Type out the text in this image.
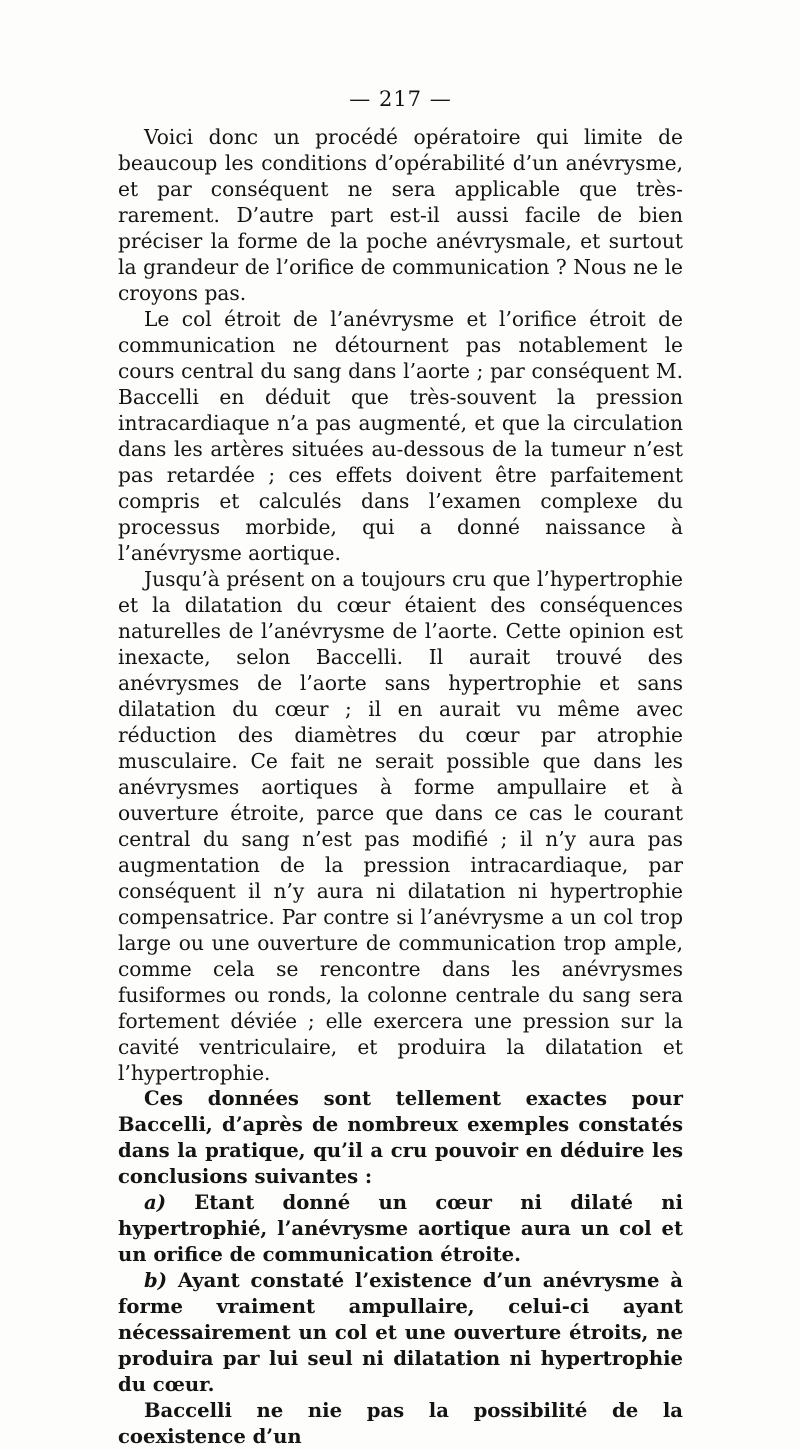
— 217 —

Voici donc un procédé opératoire qui limite de beaucoup les conditions d’opérabilité d’un anévrysme, et par conséquent ne sera applicable que très-rarement. D’autre part est-il aussi facile de bien préciser la forme de la poche anévrysmale, et surtout la grandeur de l’orifice de communication ? Nous ne le croyons pas.

Le col étroit de l’anévrysme et l’orifice étroit de communication ne détournent pas notablement le cours central du sang dans l’aorte ; par conséquent M. Baccelli en déduit que très-souvent la pression intracardiaque n’a pas augmenté, et que la circulation dans les artères situées au-dessous de la tumeur n’est pas retardée ; ces effets doivent être parfaitement compris et calculés dans l’examen complexe du processus morbide, qui a donné naissance à l’anévrysme aortique.

Jusqu’à présent on a toujours cru que l’hypertrophie et la dilatation du cœur étaient des conséquences naturelles de l’anévrysme de l’aorte. Cette opinion est inexacte, selon Baccelli. Il aurait trouvé des anévrysmes de l’aorte sans hypertrophie et sans dilatation du cœur ; il en aurait vu même avec réduction des diamètres du cœur par atrophie musculaire. Ce fait ne serait possible que dans les anévrysmes aortiques à forme ampullaire et à ouverture étroite, parce que dans ce cas le courant central du sang n’est pas modifié ; il n’y aura pas augmentation de la pression intracardiaque, par conséquent il n’y aura ni dilatation ni hypertrophie compensatrice. Par contre si l’anévrysme a un col trop large ou une ouverture de communication trop ample, comme cela se rencontre dans les anévrysmes fusiformes ou ronds, la colonne centrale du sang sera fortement déviée ; elle exercera une pression sur la cavité ventriculaire, et produira la dilatation et l’hypertrophie.

Ces données sont tellement exactes pour Baccelli, d’après de nombreux exemples constatés dans la pratique, qu’il a cru pouvoir en déduire les conclusions suivantes :

a) Etant donné un cœur ni dilaté ni hypertrophié, l’anévrysme aortique aura un col et un orifice de communication étroite.

b) Ayant constaté l’existence d’un anévrysme à forme vraiment ampullaire, celui-ci ayant nécessairement un col et une ouverture étroits, ne produira par lui seul ni dilatation ni hypertrophie du cœur.

Baccelli ne nie pas la possibilité de la coexistence d’un
